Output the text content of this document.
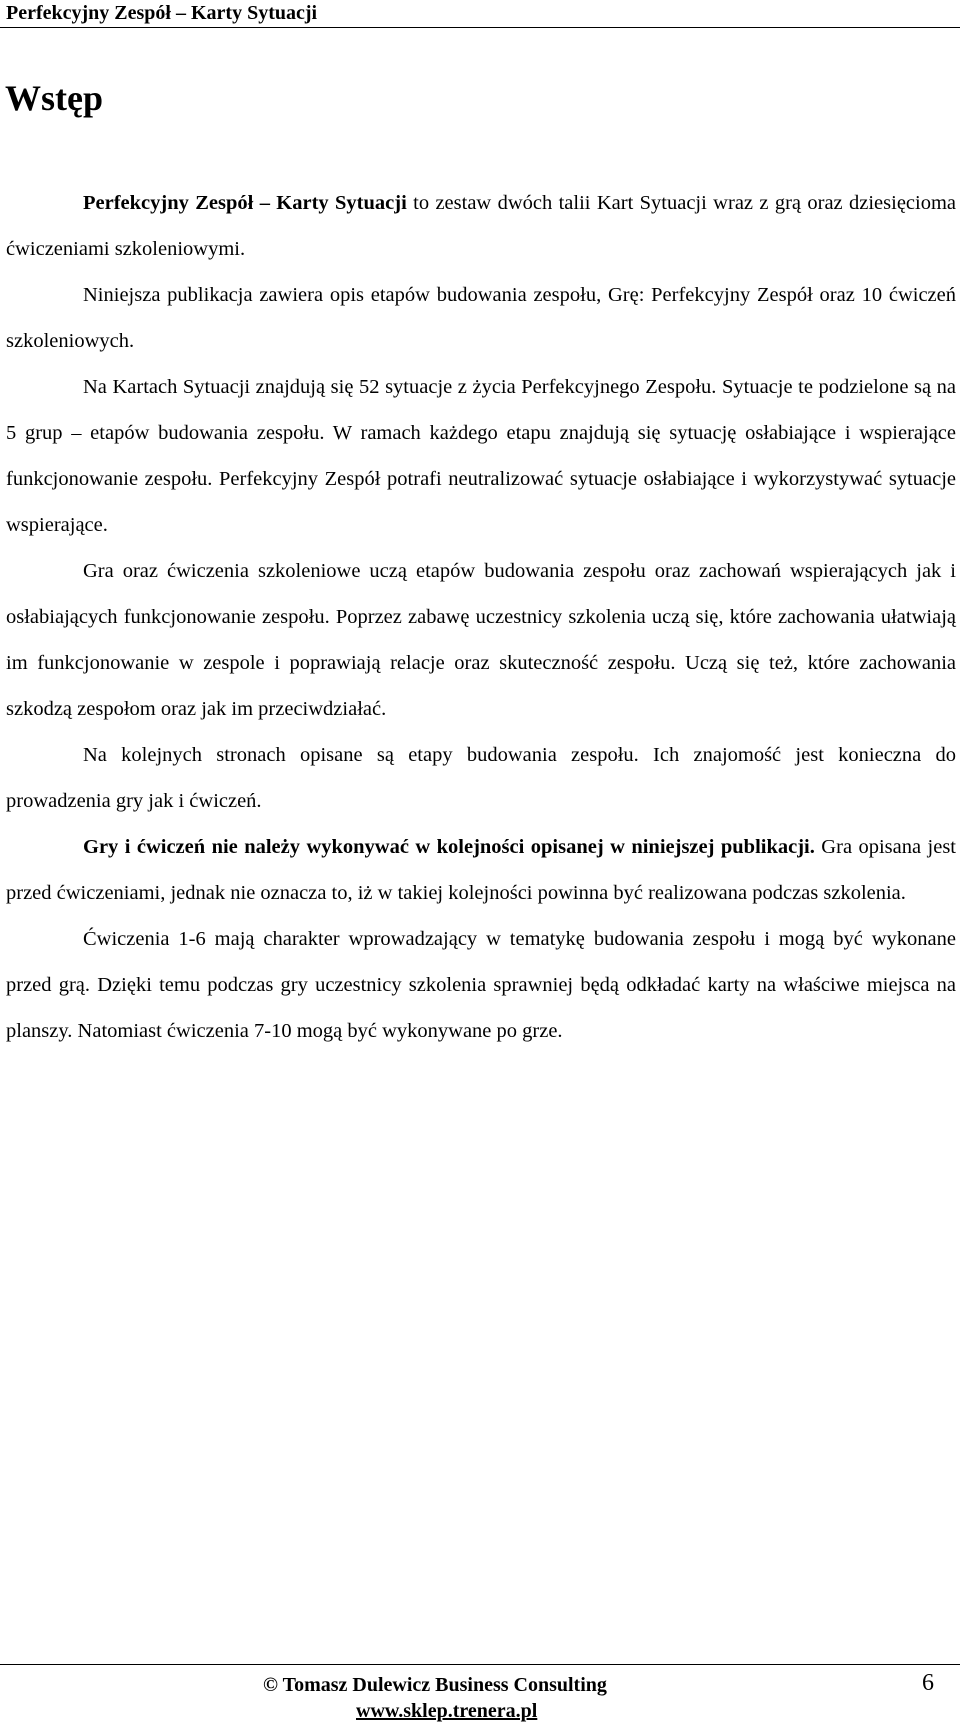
Perfekcyjny Zespół – Karty Sytuacji
Wstęp

Perfekcyjny Zespół – Karty Sytuacji to zestaw dwóch talii Kart Sytuacji wraz z grą oraz dziesięcioma ćwiczeniami szkoleniowymi.

Niniejsza publikacja zawiera opis etapów budowania zespołu, Grę: Perfekcyjny Zespół oraz 10 ćwiczeń szkoleniowych.

Na Kartach Sytuacji znajdują się 52 sytuacje z życia Perfekcyjnego Zespołu. Sytuacje te podzielone są na 5 grup – etapów budowania zespołu. W ramach każdego etapu znajdują się sytuację osłabiające i wspierające funkcjonowanie zespołu. Perfekcyjny Zespół potrafi neutralizować sytuacje osłabiające i wykorzystywać sytuacje wspierające.

Gra oraz ćwiczenia szkoleniowe uczą etapów budowania zespołu oraz zachowań wspierających jak i osłabiających funkcjonowanie zespołu. Poprzez zabawę uczestnicy szkolenia uczą się, które zachowania ułatwiają im funkcjonowanie w zespole i poprawiają relacje oraz skuteczność zespołu. Uczą się też, które zachowania szkodzą zespołom oraz jak im przeciwdziałać.

Na kolejnych stronach opisane są etapy budowania zespołu. Ich znajomość jest konieczna do prowadzenia gry jak i ćwiczeń.

Gry i ćwiczeń nie należy wykonywać w kolejności opisanej w niniejszej publikacji. Gra opisana jest przed ćwiczeniami, jednak nie oznacza to, iż w takiej kolejności powinna być realizowana podczas szkolenia.

Ćwiczenia 1-6 mają charakter wprowadzający w tematykę budowania zespołu i mogą być wykonane przed grą. Dzięki temu podczas gry uczestnicy szkolenia sprawniej będą odkładać karty na właściwe miejsca na planszy. Natomiast ćwiczenia 7-10 mogą być wykonywane po grze.

© Tomasz Dulewicz Business Consulting
www.sklep.trenera.pl
6
